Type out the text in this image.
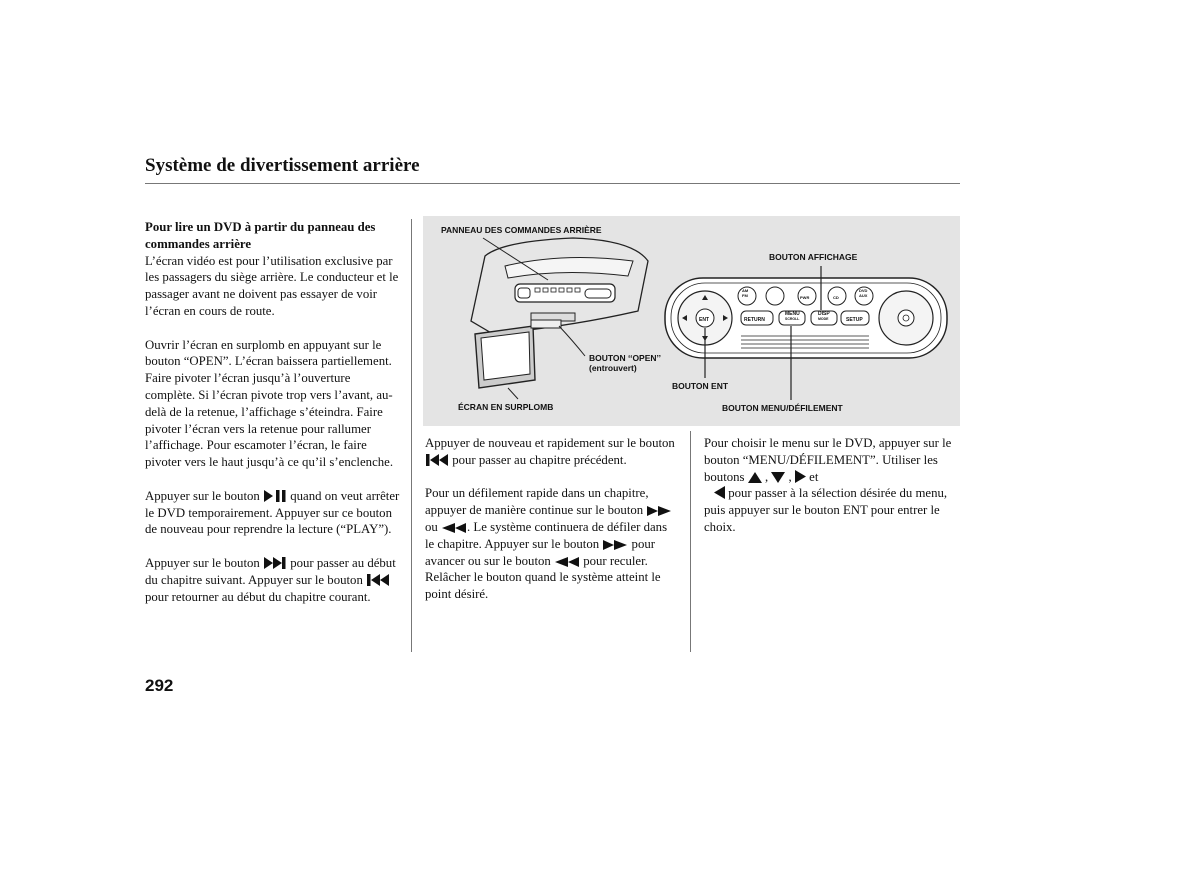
Système de divertissement arrière

Pour lire un DVD à partir du panneau des commandes arrière
L’écran vidéo est pour l’utilisation exclusive par les passagers du siège arrière. Le conducteur et le passager avant ne doivent pas essayer de voir l’écran en cours de route.

Ouvrir l’écran en surplomb en appuyant sur le bouton “OPEN”. L’écran baissera partiellement. Faire pivoter l’écran jusqu’à l’ouverture complète. Si l’écran pivote trop vers l’avant, au-delà de la retenue, l’affichage s’éteindra. Faire pivoter l’écran vers la retenue pour rallumer l’affichage. Pour escamoter l’écran, le faire pivoter vers le haut jusqu’à ce qu’il s’enclenche.

Appuyer sur le bouton quand on veut arrêter le DVD temporairement. Appuyer sur ce bouton de nouveau pour reprendre la lecture (“PLAY”).

Appuyer sur le bouton pour passer au début du chapitre suivant. Appuyer sur le bouton  pour retourner au début du chapitre courant.

PANNEAU DES COMMANDES ARRIÈRE
BOUTON AFFICHAGE
BOUTON ‘‘OPEN’’
(entrouvert)
BOUTON ENT
ÉCRAN EN SURPLOMB	BOUTON MENU/DÉFILEMENT
RETURN
MENU
SCROLL
DISP
MODE	SETUP
ENT
AM
FM	PWR	CD
DVD
AUX

Appuyer de nouveau et rapidement sur le bouton  pour passer au chapitre précédent.

Pour un défilement rapide dans un chapitre, appuyer de manière continue sur le bouton  ou . Le système continuera de défiler dans le chapitre. Appuyer sur le bouton	pour avancer ou sur le bouton	pour reculer. Relâcher le bouton quand le système atteint le point désiré.

Pour choisir le menu sur le DVD, appuyer sur le bouton “MENU/DÉFILEMENT”. Utiliser les boutons , , et
pour passer à la sélection désirée du menu, puis appuyer sur le bouton ENT pour entrer le choix.

292
